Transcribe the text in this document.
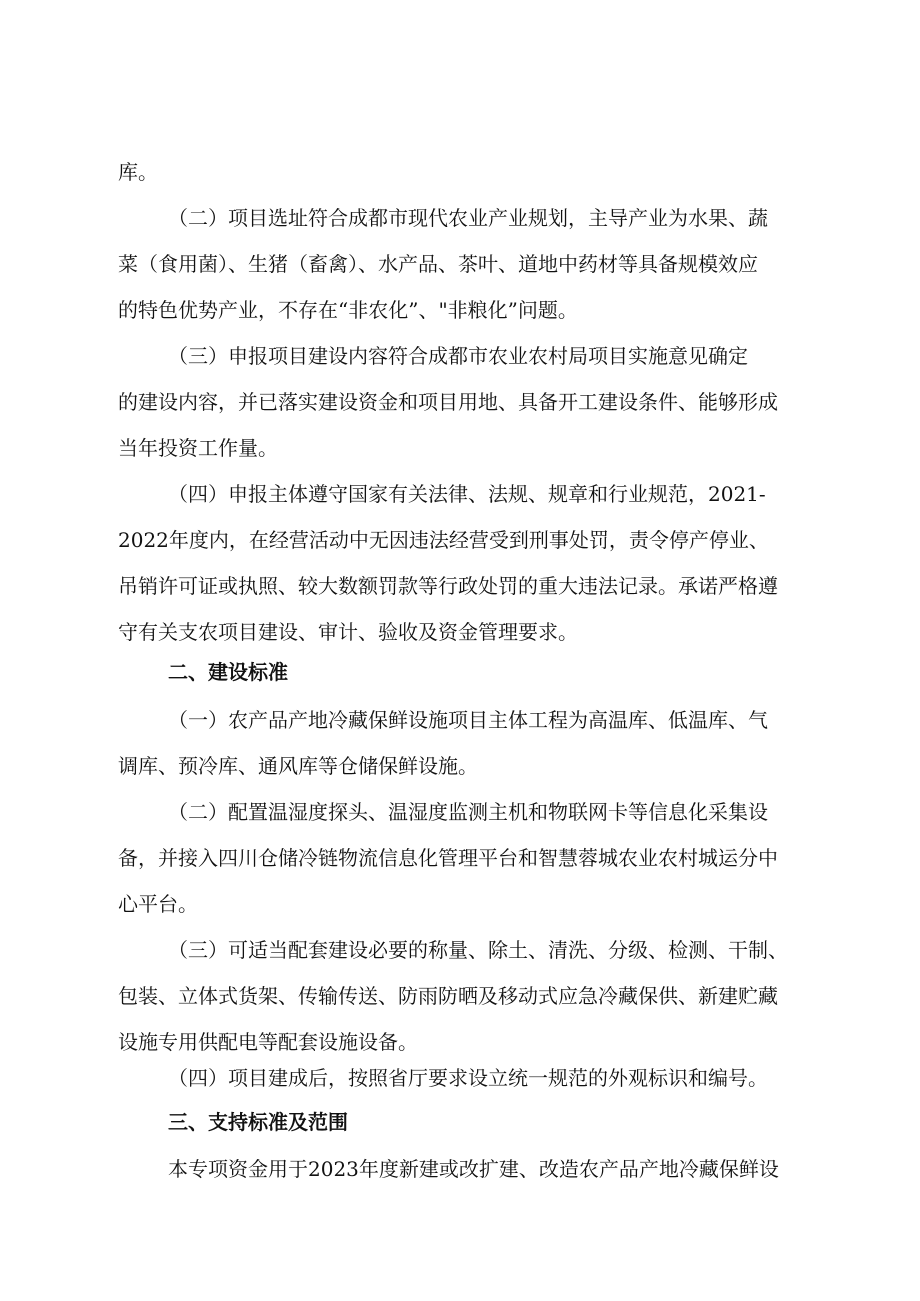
库。
（二）项目选址符合成都市现代农业产业规划，主导产业为水果、蔬
菜（食用菌）、生猪（畜禽）、水产品、茶叶、道地中药材等具备规模效应
的特色优势产业，不存在“非农化”、"非粮化”问题。
（三）申报项目建设内容符合成都市农业农村局项目实施意见确定
的建设内容，并已落实建设资金和项目用地、具备开工建设条件、能够形成
当年投资工作量。
（四）申报主体遵守国家有关法律、法规、规章和行业规范，2021-
2022年度内，在经营活动中无因违法经营受到刑事处罚，责令停产停业、
吊销许可证或执照、较大数额罚款等行政处罚的重大违法记录。承诺严格遵
守有关支农项目建设、审计、验收及资金管理要求。
二、建设标准
（一）农产品产地冷藏保鲜设施项目主体工程为高温库、低温库、气
调库、预冷库、通风库等仓储保鲜设施。
（二）配置温湿度探头、温湿度监测主机和物联网卡等信息化采集设
备，并接入四川仓储冷链物流信息化管理平台和智慧蓉城农业农村城运分中
心平台。
（三）可适当配套建设必要的称量、除土、清洗、分级、检测、干制、
包装、立体式货架、传输传送、防雨防晒及移动式应急冷藏保供、新建贮藏
设施专用供配电等配套设施设备。
（四）项目建成后，按照省厅要求设立统一规范的外观标识和编号。
三、支持标准及范围
本专项资金用于2023年度新建或改扩建、改造农产品产地冷藏保鲜设
